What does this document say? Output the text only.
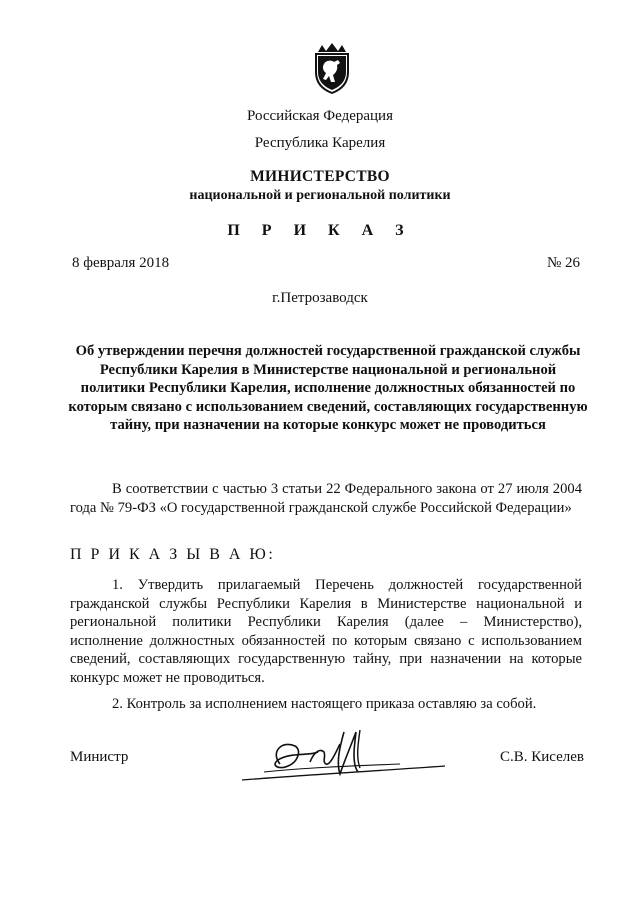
Российская Федерация
Республика Карелия
МИНИСТЕРСТВО
национальной и региональной политики
П Р И К А З
8 февраля 2018	№ 26
г.Петрозаводск
Об утверждении перечня должностей государственной гражданской службы Республики Карелия в Министерстве национальной и региональной политики Республики Карелия, исполнение должностных обязанностей по которым связано с использованием сведений, составляющих государственную тайну, при назначении на которые конкурс может не проводиться
В соответствии с частью 3 статьи 22 Федерального закона от 27 июля 2004 года № 79-ФЗ «О государственной гражданской службе Российской Федерации»
П Р И К А З Ы В А Ю:
1. Утвердить прилагаемый Перечень должностей государственной гражданской службы Республики Карелия в Министерстве национальной и региональной политики Республики Карелия (далее – Министерство), исполнение должностных обязанностей по которым связано с использованием сведений, составляющих государственную тайну, при назначении на которые конкурс может не проводиться.
2. Контроль за исполнением настоящего приказа оставляю за собой.
Министр	С.В. Киселев
